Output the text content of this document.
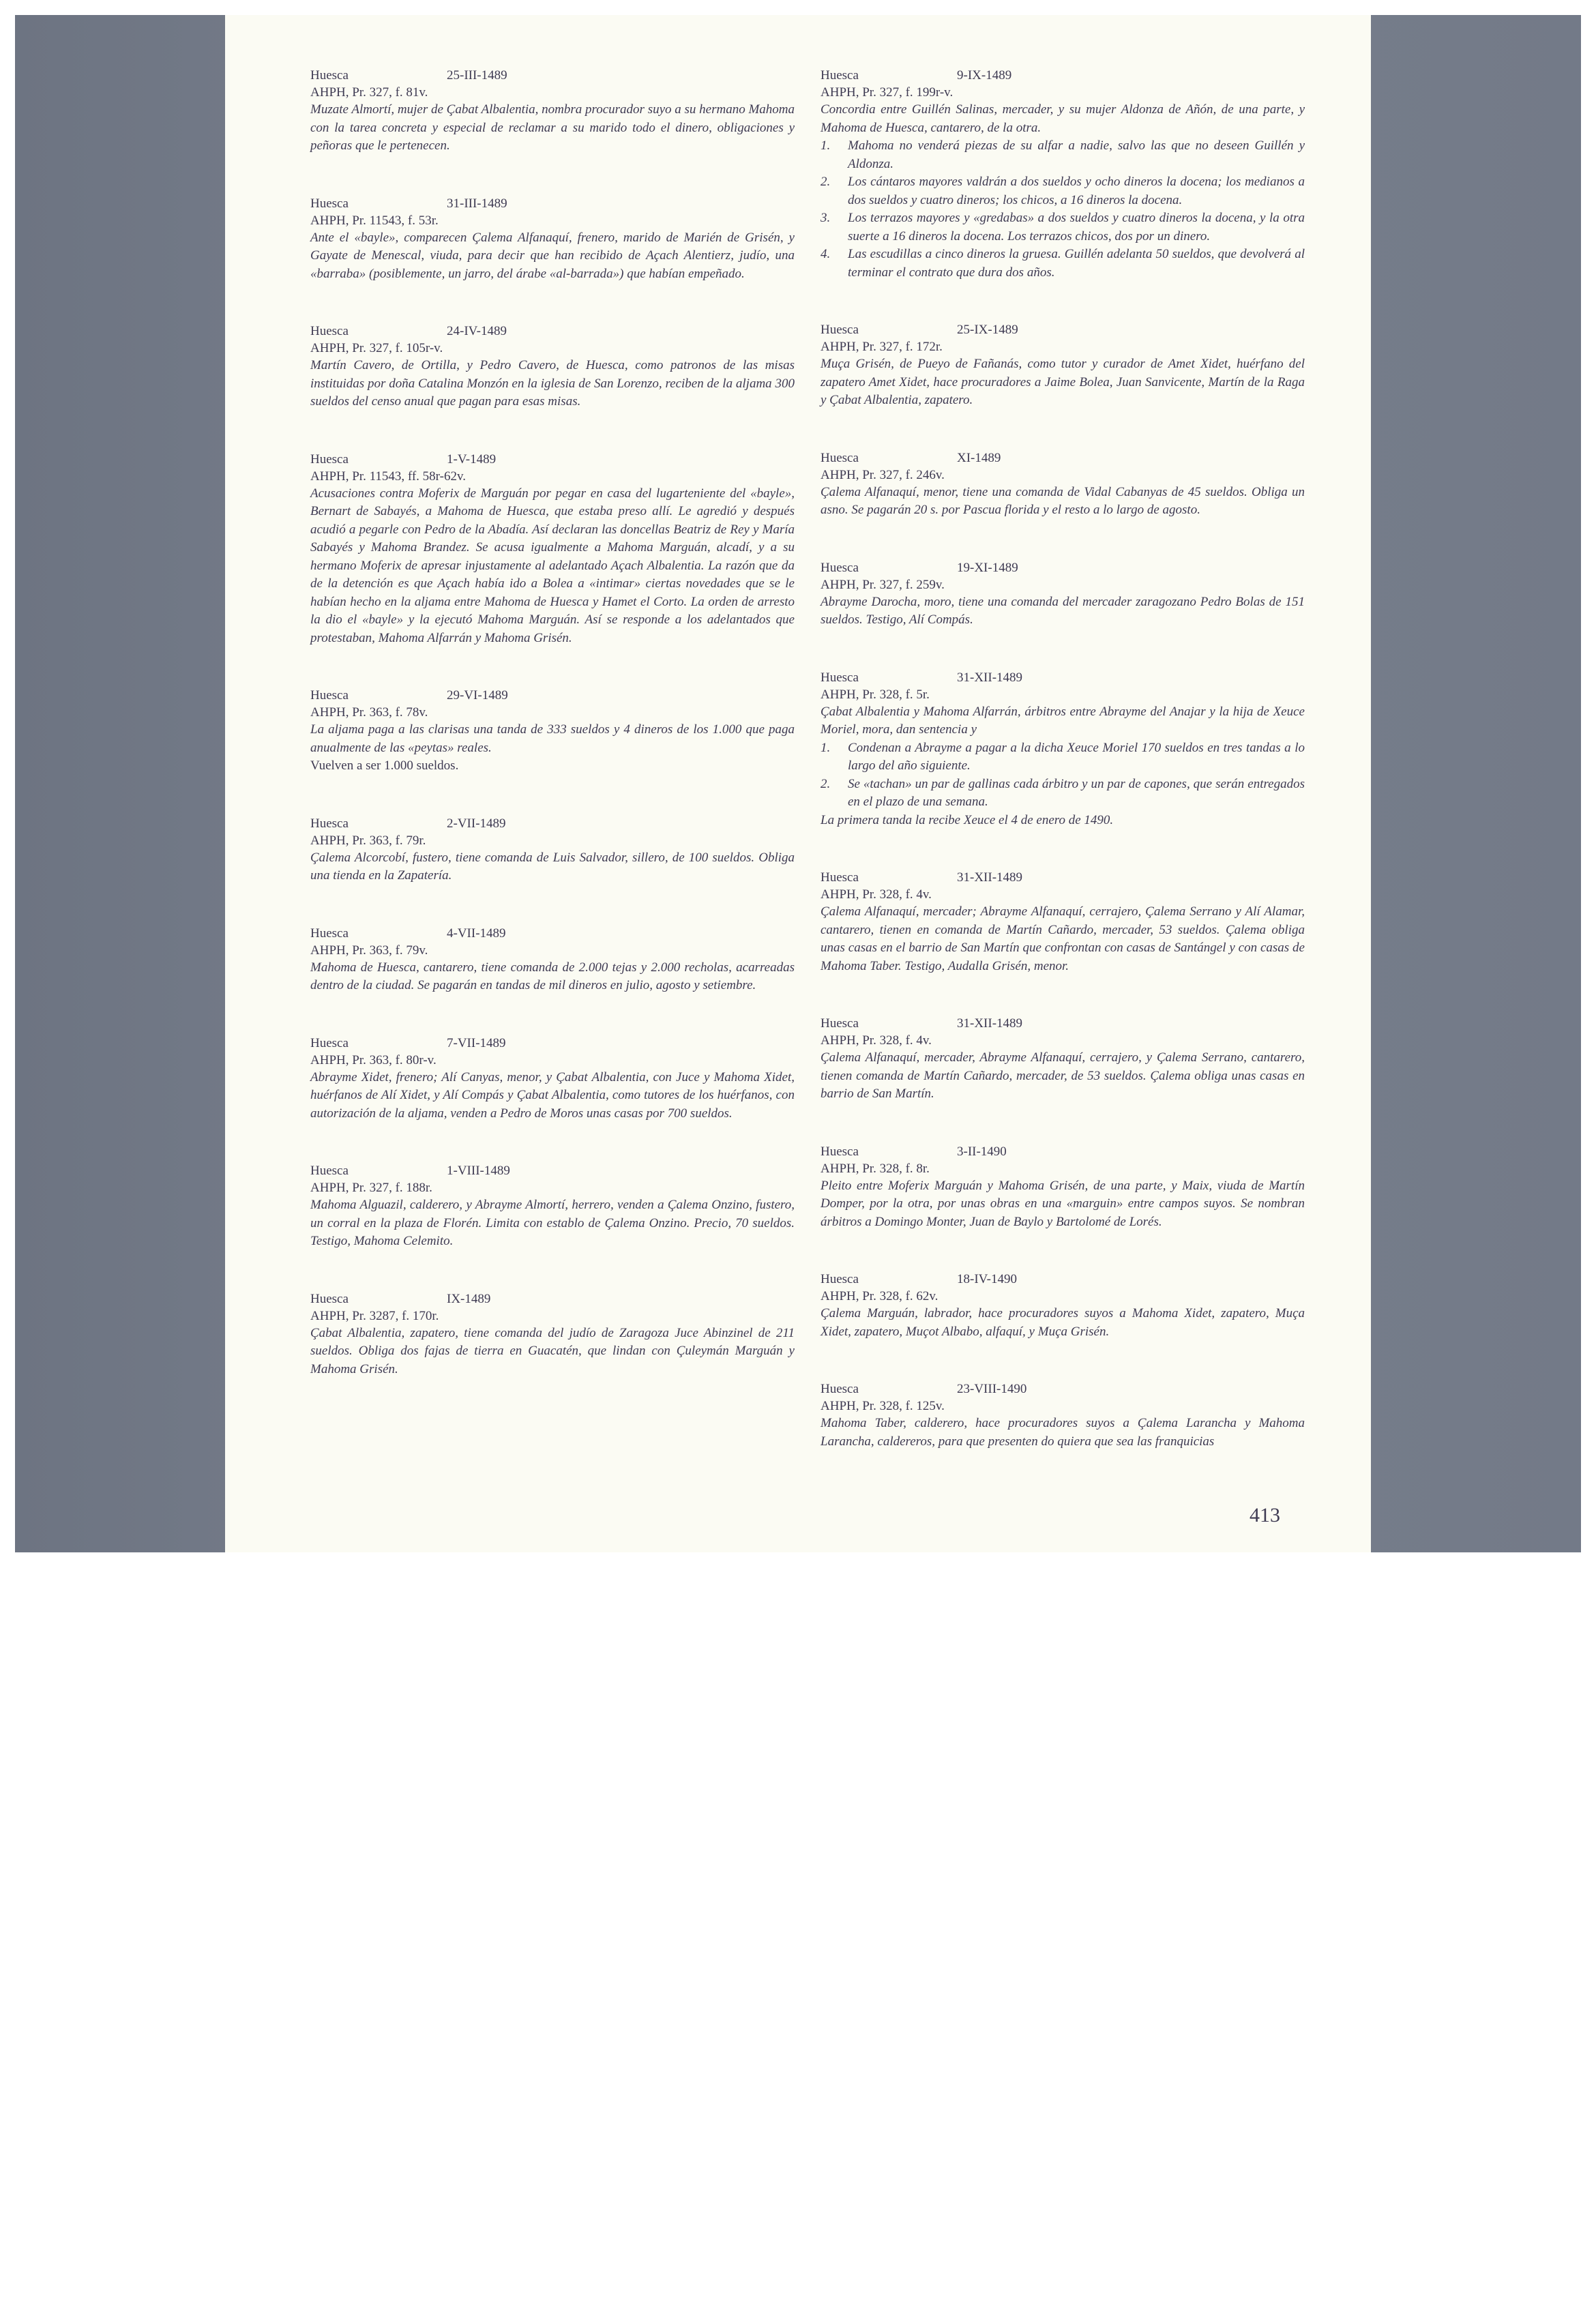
Huesca	25-III-1489
AHPH, Pr. 327, f. 81v.
Muzate Almortí, mujer de Çabat Albalentia, nombra procurador suyo a su hermano Mahoma con la tarea concreta y especial de reclamar a su marido todo el dinero, obligaciones y peñoras que le pertenecen.
Huesca	31-III-1489
AHPH, Pr. 11543, f. 53r.
Ante el «bayle», comparecen Çalema Alfanaquí, frenero, marido de Marién de Grisén, y Gayate de Menescal, viuda, para decir que han recibido de Açach Alentierz, judío, una «barraba» (posiblemente, un jarro, del árabe «al-barrada») que habían empeñado.
Huesca	24-IV-1489
AHPH, Pr. 327, f. 105r-v.
Martín Cavero, de Ortilla, y Pedro Cavero, de Huesca, como patronos de las misas instituidas por doña Catalina Monzón en la iglesia de San Lorenzo, reciben de la aljama 300 sueldos del censo anual que pagan para esas misas.
Huesca	1-V-1489
AHPH, Pr. 11543, ff. 58r-62v.
Acusaciones contra Moferix de Marguán por pegar en casa del lugarteniente del «bayle», Bernart de Sabayés, a Mahoma de Huesca, que estaba preso allí. Le agredió y después acudió a pegarle con Pedro de la Abadía. Así declaran las doncellas Beatriz de Rey y María Sabayés y Mahoma Brandez. Se acusa igualmente a Mahoma Marguán, alcadí, y a su hermano Moferix de apresar injustamente al adelantado Açach Albalentia. La razón que da de la detención es que Açach había ido a Bolea a «intimar» ciertas novedades que se le habían hecho en la aljama entre Mahoma de Huesca y Hamet el Corto. La orden de arresto la dio el «bayle» y la ejecutó Mahoma Marguán. Así se responde a los adelantados que protestaban, Mahoma Alfarrán y Mahoma Grisén.
Huesca	29-VI-1489
AHPH, Pr. 363, f. 78v.
La aljama paga a las clarisas una tanda de 333 sueldos y 4 dineros de los 1.000 que paga anualmente de las «peytas» reales.
Vuelven a ser 1.000 sueldos.
Huesca	2-VII-1489
AHPH, Pr. 363, f. 79r.
Çalema Alcorcobí, fustero, tiene comanda de Luis Salvador, sillero, de 100 sueldos. Obliga una tienda en la Zapatería.
Huesca	4-VII-1489
AHPH, Pr. 363, f. 79v.
Mahoma de Huesca, cantarero, tiene comanda de 2.000 tejas y 2.000 recholas, acarreadas dentro de la ciudad. Se pagarán en tandas de mil dineros en julio, agosto y setiembre.
Huesca	7-VII-1489
AHPH, Pr. 363, f. 80r-v.
Abrayme Xidet, frenero; Alí Canyas, menor, y Çabat Albalentia, con Juce y Mahoma Xidet, huérfanos de Alí Xidet, y Alí Compás y Çabat Albalentia, como tutores de los huérfanos, con autorización de la aljama, venden a Pedro de Moros unas casas por 700 sueldos.
Huesca	1-VIII-1489
AHPH, Pr. 327, f. 188r.
Mahoma Alguazil, calderero, y Abrayme Almortí, herrero, venden a Çalema Onzino, fustero, un corral en la plaza de Florén. Limita con establo de Çalema Onzino. Precio, 70 sueldos. Testigo, Mahoma Celemito.
Huesca	IX-1489
AHPH, Pr. 3287, f. 170r.
Çabat Albalentia, zapatero, tiene comanda del judío de Zaragoza Juce Abinzinel de 211 sueldos. Obliga dos fajas de tierra en Guacatén, que lindan con Çuleymán Marguán y Mahoma Grisén.
Huesca	9-IX-1489
AHPH, Pr. 327, f. 199r-v.
Concordia entre Guillén Salinas, mercader, y su mujer Aldonza de Añón, de una parte, y Mahoma de Huesca, cantarero, de la otra.
1.	Mahoma no venderá piezas de su alfar a nadie, salvo las que no deseen Guillén y Aldonza.
2.	Los cántaros mayores valdrán a dos sueldos y ocho dineros la docena; los medianos a dos sueldos y cuatro dineros; los chicos, a 16 dineros la docena.
3.	Los terrazos mayores y «gredabas» a dos sueldos y cuatro dineros la docena, y la otra suerte a 16 dineros la docena. Los terrazos chicos, dos por un dinero.
4.	Las escudillas a cinco dineros la gruesa. Guillén adelanta 50 sueldos, que devolverá al terminar el contrato que dura dos años.
Huesca	25-IX-1489
AHPH, Pr. 327, f. 172r.
Muça Grisén, de Pueyo de Fañanás, como tutor y curador de Amet Xidet, huérfano del zapatero Amet Xidet, hace procuradores a Jaime Bolea, Juan Sanvicente, Martín de la Raga y Çabat Albalentia, zapatero.
Huesca	XI-1489
AHPH, Pr. 327, f. 246v.
Çalema Alfanaquí, menor, tiene una comanda de Vidal Cabanyas de 45 sueldos. Obliga un asno. Se pagarán 20 s. por Pascua florida y el resto a lo largo de agosto.
Huesca	19-XI-1489
AHPH, Pr. 327, f. 259v.
Abrayme Darocha, moro, tiene una comanda del mercader zaragozano Pedro Bolas de 151 sueldos. Testigo, Alí Compás.
Huesca	31-XII-1489
AHPH, Pr. 328, f. 5r.
Çabat Albalentia y Mahoma Alfarrán, árbitros entre Abrayme del Anajar y la hija de Xeuce Moriel, mora, dan sentencia y
1.	Condenan a Abrayme a pagar a la dicha Xeuce Moriel 170 sueldos en tres tandas a lo largo del año siguiente.
2.	Se «tachan» un par de gallinas cada árbitro y un par de capones, que serán entregados en el plazo de una semana.
La primera tanda la recibe Xeuce el 4 de enero de 1490.
Huesca	31-XII-1489
AHPH, Pr. 328, f. 4v.
Çalema Alfanaquí, mercader; Abrayme Alfanaquí, cerrajero, Çalema Serrano y Alí Alamar, cantarero, tienen en comanda de Martín Cañardo, mercader, 53 sueldos. Çalema obliga unas casas en el barrio de San Martín que confrontan con casas de Santángel y con casas de Mahoma Taber. Testigo, Audalla Grisén, menor.
Huesca	31-XII-1489
AHPH, Pr. 328, f. 4v.
Çalema Alfanaquí, mercader, Abrayme Alfanaquí, cerrajero, y Çalema Serrano, cantarero, tienen comanda de Martín Cañardo, mercader, de 53 sueldos. Çalema obliga unas casas en barrio de San Martín.
Huesca	3-II-1490
AHPH, Pr. 328, f. 8r.
Pleito entre Moferix Marguán y Mahoma Grisén, de una parte, y Maix, viuda de Martín Domper, por la otra, por unas obras en una «marguin» entre campos suyos. Se nombran árbitros a Domingo Monter, Juan de Baylo y Bartolomé de Lorés.
Huesca	18-IV-1490
AHPH, Pr. 328, f. 62v.
Çalema Marguán, labrador, hace procuradores suyos a Mahoma Xidet, zapatero, Muça Xidet, zapatero, Muçot Albabo, alfaquí, y Muça Grisén.
Huesca	23-VIII-1490
AHPH, Pr. 328, f. 125v.
Mahoma Taber, calderero, hace procuradores suyos a Çalema Larancha y Mahoma Larancha, caldereros, para que presenten do quiera que sea las franquicias
413
